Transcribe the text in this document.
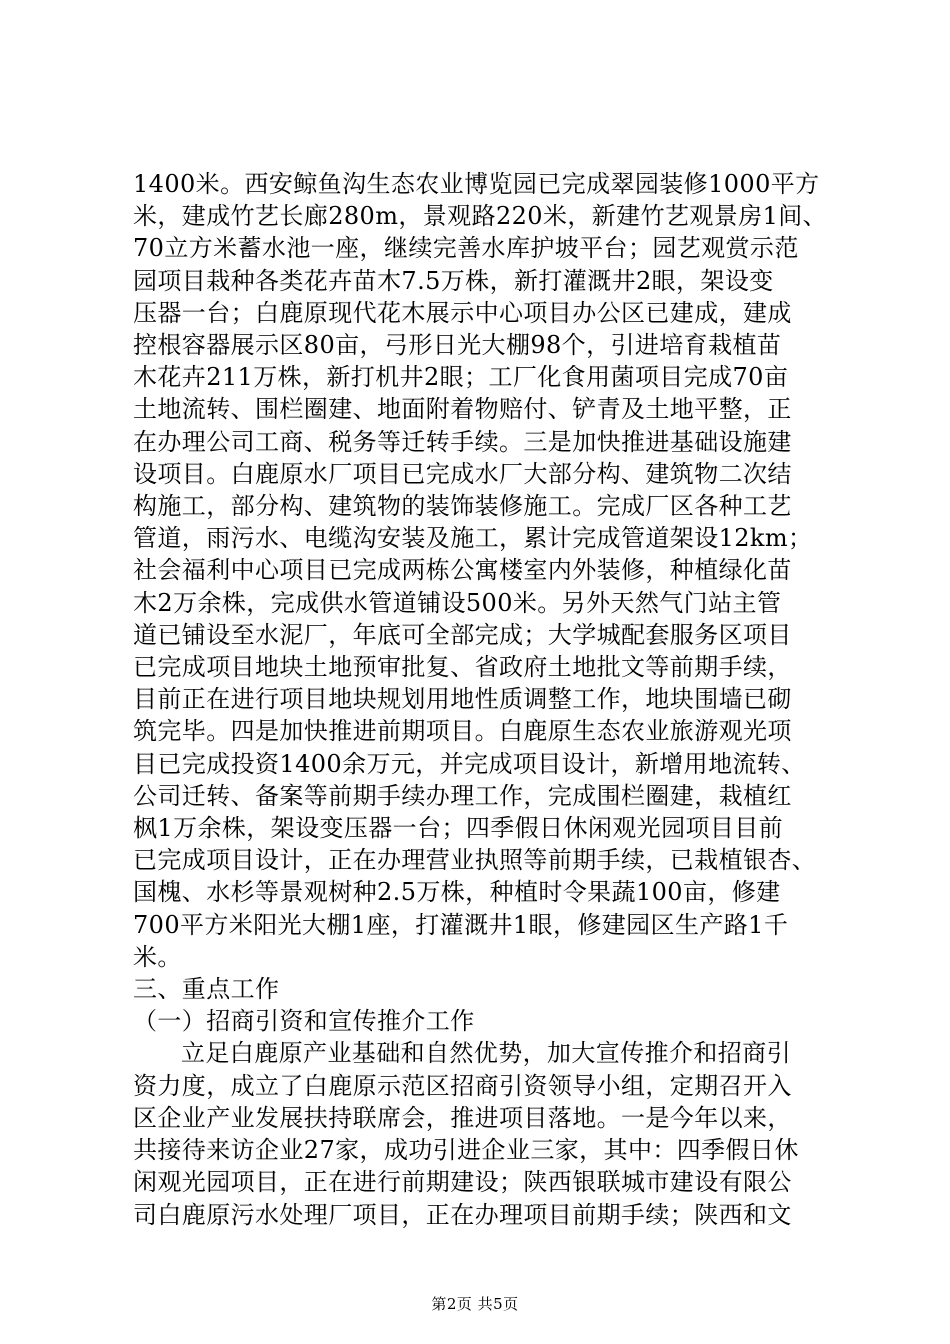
1400米。西安鲸鱼沟生态农业博览园已完成翠园装修1000平方
米，建成竹艺长廊280m，景观路220米，新建竹艺观景房1间、
70立方米蓄水池一座，继续完善水库护坡平台；园艺观赏示范
园项目栽种各类花卉苗木7.5万株，新打灌溉井2眼，架设变
压器一台；白鹿原现代花木展示中心项目办公区已建成，建成
控根容器展示区80亩，弓形日光大棚98个，引进培育栽植苗
木花卉211万株，新打机井2眼；工厂化食用菌项目完成70亩
土地流转、围栏圈建、地面附着物赔付、铲青及土地平整，正
在办理公司工商、税务等迁转手续。三是加快推进基础设施建
设项目。白鹿原水厂项目已完成水厂大部分构、建筑物二次结
构施工，部分构、建筑物的装饰装修施工。完成厂区各种工艺
管道，雨污水、电缆沟安装及施工，累计完成管道架设12km；
社会福利中心项目已完成两栋公寓楼室内外装修，种植绿化苗
木2万余株，完成供水管道铺设500米。另外天然气门站主管
道已铺设至水泥厂，年底可全部完成；大学城配套服务区项目
已完成项目地块土地预审批复、省政府土地批文等前期手续，
目前正在进行项目地块规划用地性质调整工作，地块围墙已砌
筑完毕。四是加快推进前期项目。白鹿原生态农业旅游观光项
目已完成投资1400余万元，并完成项目设计，新增用地流转、
公司迁转、备案等前期手续办理工作，完成围栏圈建，栽植红
枫1万余株，架设变压器一台；四季假日休闲观光园项目目前
已完成项目设计，正在办理营业执照等前期手续，已栽植银杏、
国槐、水杉等景观树种2.5万株，种植时令果蔬100亩，修建
700平方米阳光大棚1座，打灌溉井1眼，修建园区生产路1千
米。

三、重点工作

（一）招商引资和宣传推介工作

立足白鹿原产业基础和自然优势，加大宣传推介和招商引
资力度，成立了白鹿原示范区招商引资领导小组，定期召开入
区企业产业发展扶持联席会，推进项目落地。一是今年以来，
共接待来访企业27家，成功引进企业三家，其中：四季假日休
闲观光园项目，正在进行前期建设；陕西银联城市建设有限公
司白鹿原污水处理厂项目，正在办理项目前期手续；陕西和文

第2页 共5页
